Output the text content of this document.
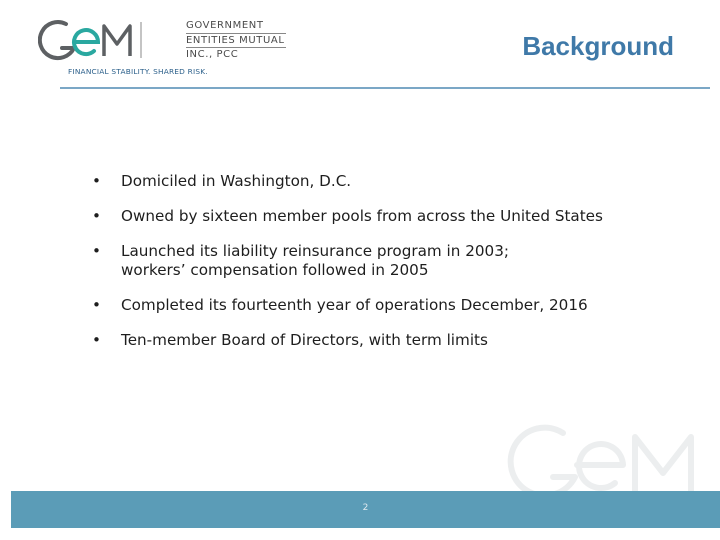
GOVERNMENT
ENTITIES MUTUAL
INC., PCC
FINANCIAL STABILITY. SHARED RISK.
Background
• Domiciled in Washington, D.C.
• Owned by sixteen member pools from across the United States
• Launched its liability reinsurance program in 2003;
workers’ compensation followed in 2005
• Completed its fourteenth year of operations December, 2016
• Ten-member Board of Directors, with term limits
2
